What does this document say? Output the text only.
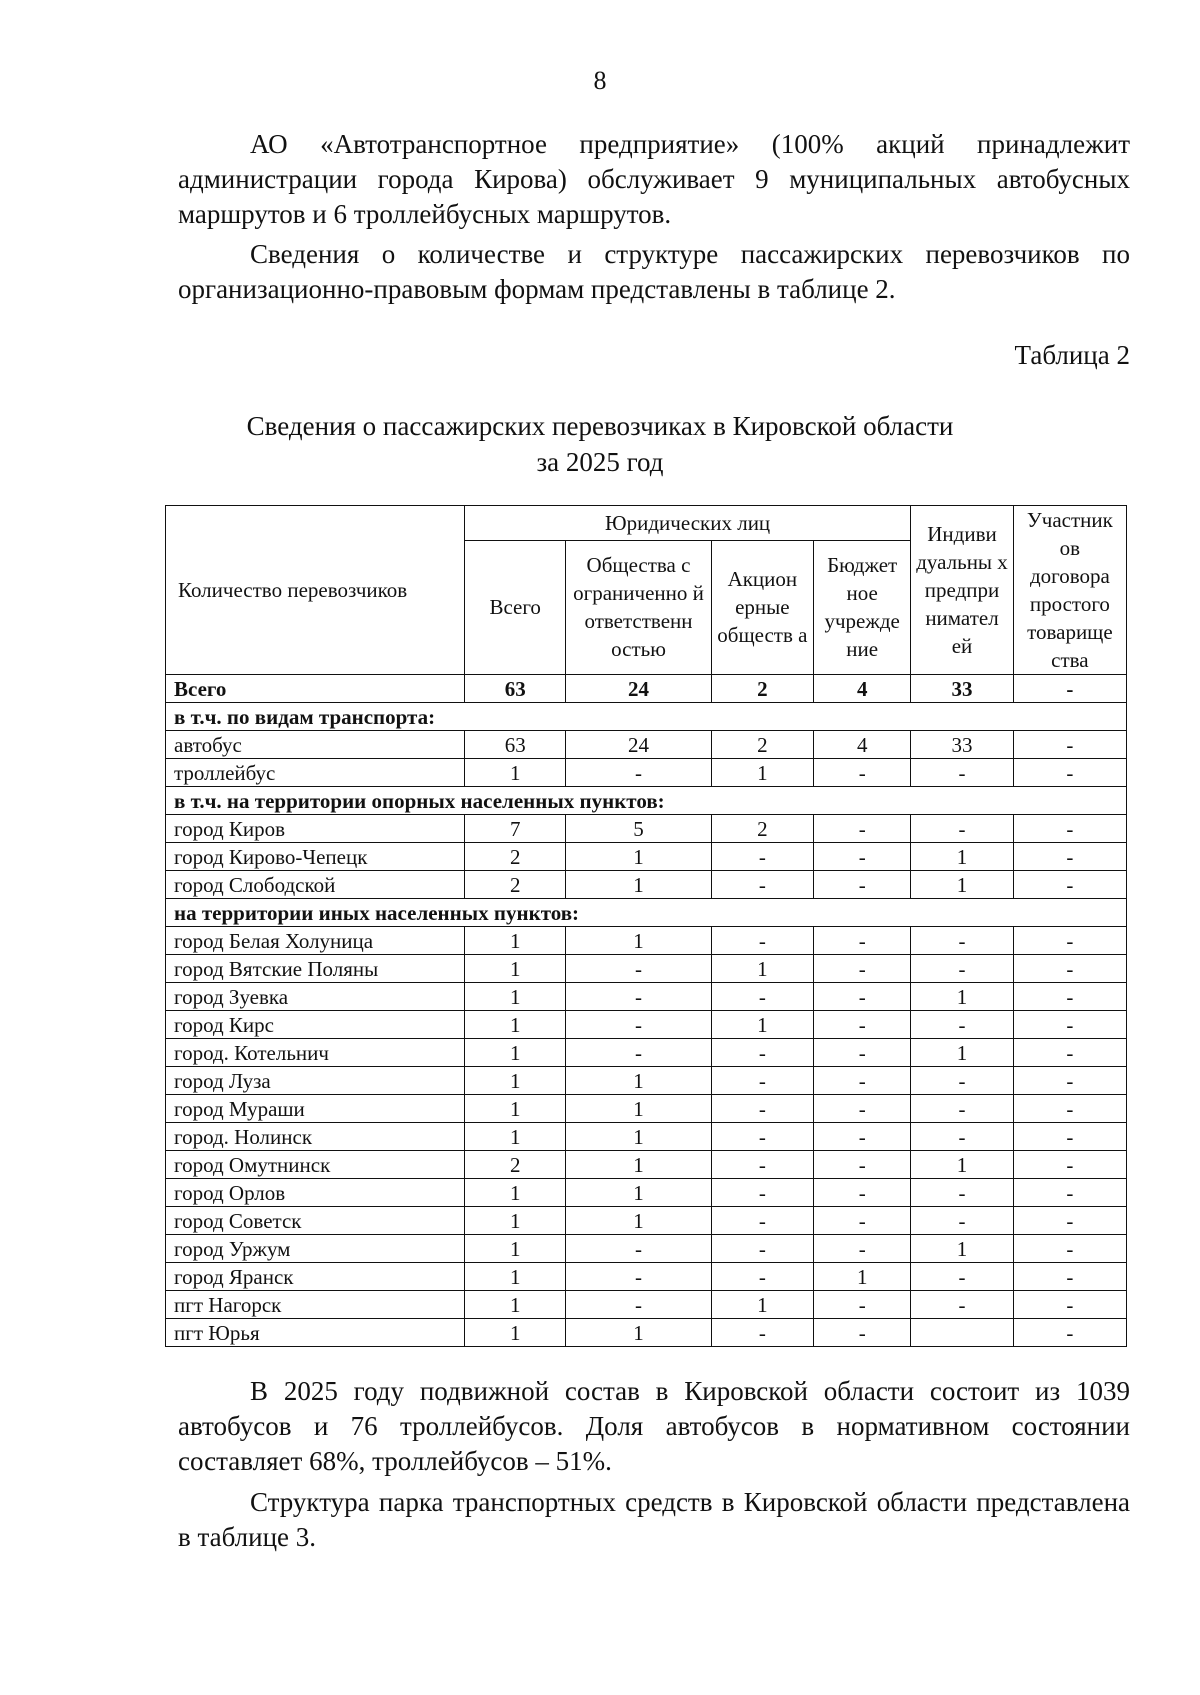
8

АО «Автотранспортное предприятие» (100% акций принадлежит администрации города Кирова) обслуживает 9 муниципальных автобусных маршрутов и 6 троллейбусных маршрутов.

Сведения о количестве и структуре пассажирских перевозчиков по организационно-правовым формам представлены в таблице 2.

Таблица 2
Сведения о пассажирских перевозчиках в Кировской области
за 2025 год
Количество перевозчиков	Юридических лиц				Индиви дуальны х предпри нимател ей	Участник ов договора простого товарище ства
	Всего	Общества с ограниченно й ответственн остью	Акцион ерные обществ а	Бюджет ное учрежде ние		
Всего	63	24	2	4	33	-
в т.ч. по видам транспорта:						
автобус	63	24	2	4	33	-
троллейбус	1	-	1	-	-	-
в т.ч. на территории опорных населенных пунктов:						
город Киров	7	5	2	-	-	-
город Кирово-Чепецк	2	1	-	-	1	-
город Слободской	2	1	-	-	1	-
на территории иных населенных пунктов:						
город Белая Холуница	1	1	-	-	-	-
город Вятские Поляны	1	-	1	-	-	-
город Зуевка	1	-	-	-	1	-
город Кирс	1	-	1	-	-	-
город. Котельнич	1	-	-	-	1	-
город Луза	1	1	-	-	-	-
город Мураши	1	1	-	-	-	-
город. Нолинск	1	1	-	-	-	-
город Омутнинск	2	1	-	-	1	-
город Орлов	1	1	-	-	-	-
город Советск	1	1	-	-	-	-
город Уржум	1	-	-	-	1	-
город Яранск	1	-	-	1	-	-
пгт Нагорск	1	-	1	-	-	-
пгт Юрья	1	1	-	-		-

В 2025 году подвижной состав в Кировской области состоит из 1039 автобусов и 76 троллейбусов. Доля автобусов в нормативном состоянии составляет 68%, троллейбусов – 51%.

Структура парка транспортных средств в Кировской области представлена в таблице 3.
